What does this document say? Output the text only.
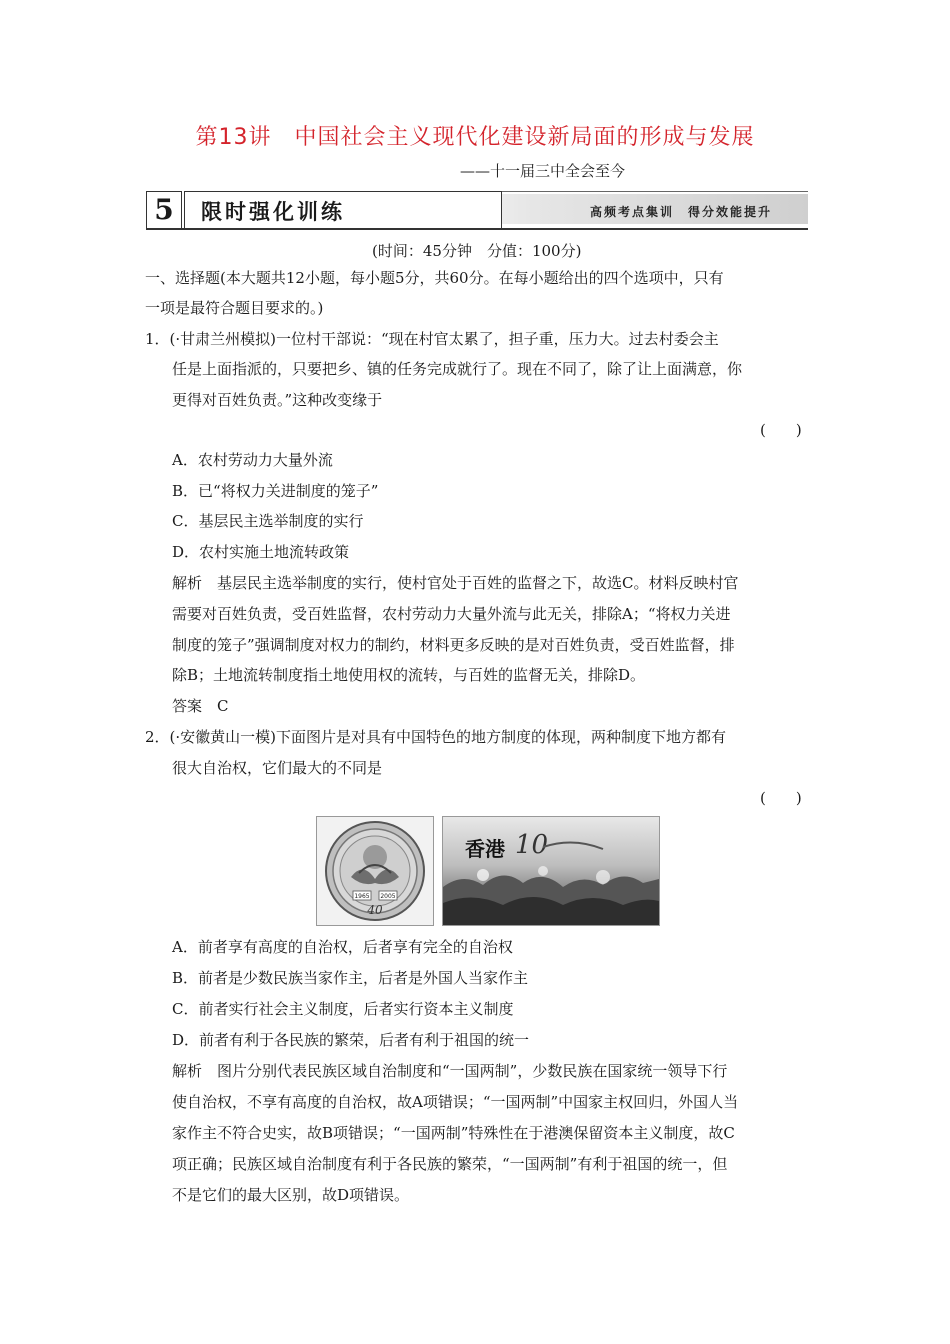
第13讲　中国社会主义现代化建设新局面的形成与发展
——十一届三中全会至今
5	限时强化训练	高频考点集训　得分效能提升
(时间：45分钟　分值：100分)
一、选择题(本大题共12小题，每小题5分，共60分。在每小题给出的四个选项中，只有
一项是最符合题目要求的。)
1．(·甘肃兰州模拟)一位村干部说：“现在村官太累了，担子重，压力大。过去村委会主
任是上面指派的，只要把乡、镇的任务完成就行了。现在不同了，除了让上面满意，你
更得对百姓负责。”这种改变缘于
(　　)
A．农村劳动力大量外流
B．已“将权力关进制度的笼子”
C．基层民主选举制度的实行
D．农村实施土地流转政策
解析　基层民主选举制度的实行，使村官处于百姓的监督之下，故选C。材料反映村官
需要对百姓负责，受百姓监督，农村劳动力大量外流与此无关，排除A；“将权力关进
制度的笼子”强调制度对权力的制约，材料更多反映的是对百姓负责，受百姓监督，排
除B；土地流转制度指土地使用权的流转，与百姓的监督无关，排除D。
答案　C
2．(·安徽黄山一模)下面图片是对具有中国特色的地方制度的体现，两种制度下地方都有
很大自治权，它们最大的不同是
(　　)
1965 2005
40
10
香港
A．前者享有高度的自治权，后者享有完全的自治权
B．前者是少数民族当家作主，后者是外国人当家作主
C．前者实行社会主义制度，后者实行资本主义制度
D．前者有利于各民族的繁荣，后者有利于祖国的统一
解析　图片分别代表民族区域自治制度和“一国两制”，少数民族在国家统一领导下行
使自治权，不享有高度的自治权，故A项错误；“一国两制”中国家主权回归，外国人当
家作主不符合史实，故B项错误；“一国两制”特殊性在于港澳保留资本主义制度，故C
项正确；民族区域自治制度有利于各民族的繁荣，“一国两制”有利于祖国的统一，但
不是它们的最大区别，故D项错误。
